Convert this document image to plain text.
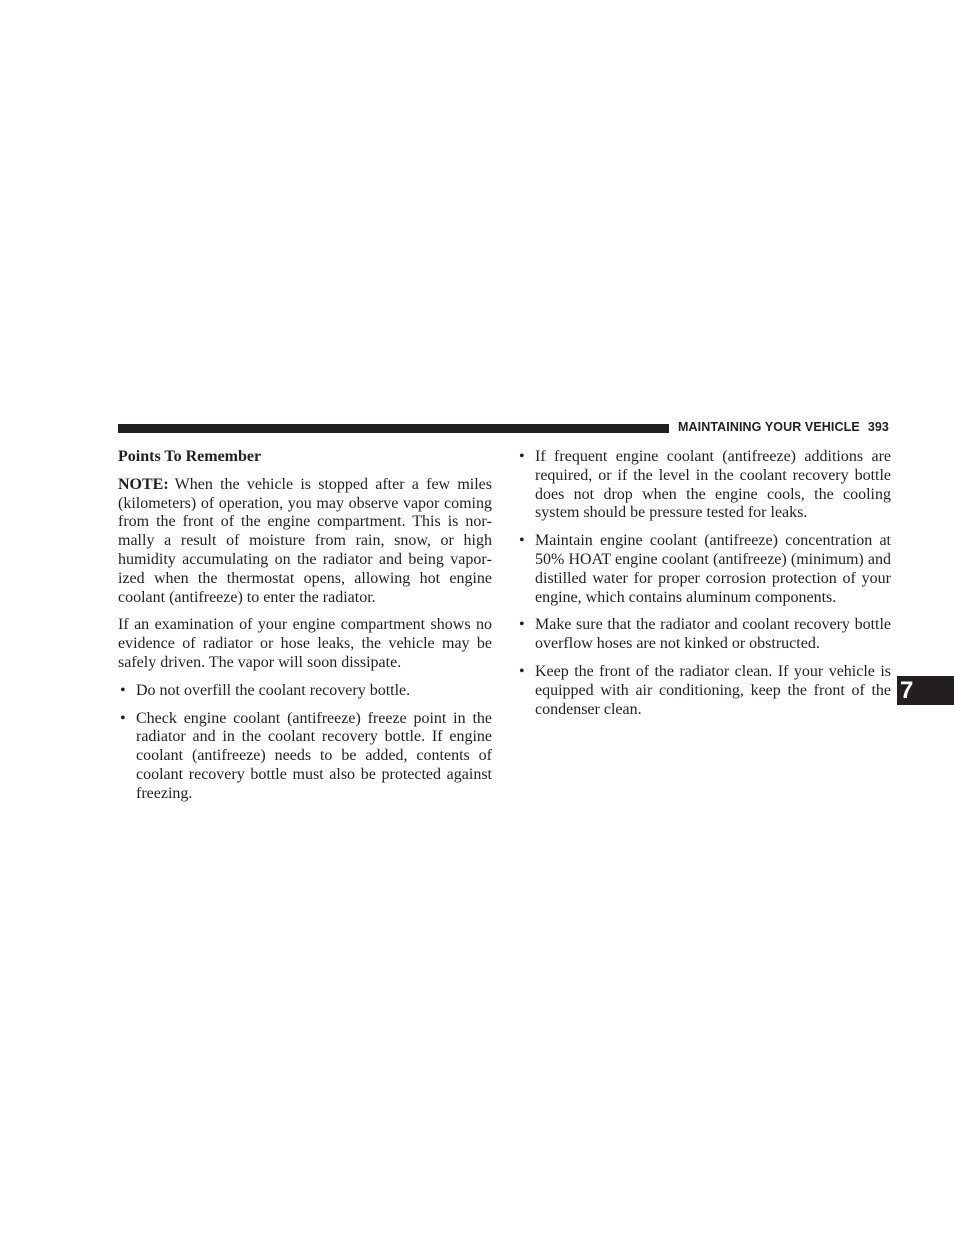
MAINTAINING YOUR VEHICLE 393
Points To Remember

NOTE: When the vehicle is stopped after a few miles (kilometers) of operation, you may observe vapor coming from the front of the engine compartment. This is normally a result of moisture from rain, snow, or high humidity accumulating on the radiator and being vaporized when the thermostat opens, allowing hot engine coolant (antifreeze) to enter the radiator.

If an examination of your engine compartment shows no evidence of radiator or hose leaks, the vehicle may be safely driven. The vapor will soon dissipate.

• Do not overfill the coolant recovery bottle.
• Check engine coolant (antifreeze) freeze point in the radiator and in the coolant recovery bottle. If engine coolant (antifreeze) needs to be added, contents of coolant recovery bottle must also be protected against freezing.
• If frequent engine coolant (antifreeze) additions are required, or if the level in the coolant recovery bottle does not drop when the engine cools, the cooling system should be pressure tested for leaks.
• Maintain engine coolant (antifreeze) concentration at 50% HOAT engine coolant (antifreeze) (minimum) and distilled water for proper corrosion protection of your engine, which contains aluminum components.
• Make sure that the radiator and coolant recovery bottle overflow hoses are not kinked or obstructed.
• Keep the front of the radiator clean. If your vehicle is equipped with air conditioning, keep the front of the condenser clean.
7
